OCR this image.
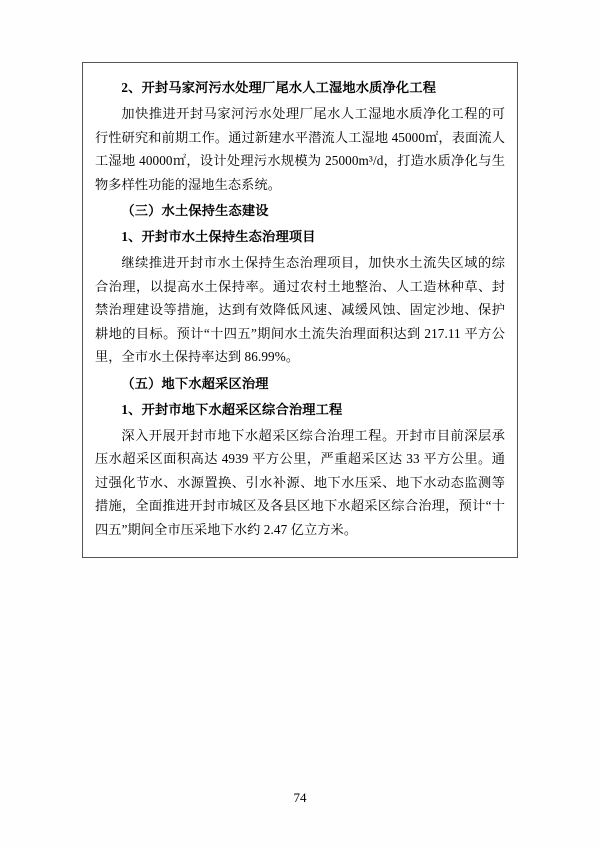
2、开封马家河污水处理厂尾水人工湿地水质净化工程

加快推进开封马家河污水处理厂尾水人工湿地水质净化工程的可行性研究和前期工作。通过新建水平潜流人工湿地 45000㎡，表面流人工湿地 40000㎡，设计处理污水规模为 25000m³/d，打造水质净化与生物多样性功能的湿地生态系统。

（三）水土保持生态建设
1、开封市水土保持生态治理项目

继续推进开封市水土保持生态治理项目，加快水土流失区域的综合治理，以提高水土保持率。通过农村土地整治、人工造林种草、封禁治理建设等措施，达到有效降低风速、减缓风蚀、固定沙地、保护耕地的目标。预计“十四五”期间水土流失治理面积达到 217.11 平方公里，全市水土保持率达到 86.99%。

（五）地下水超采区治理
1、开封市地下水超采区综合治理工程

深入开展开封市地下水超采区综合治理工程。开封市目前深层承压水超采区面积高达 4939 平方公里，严重超采区达 33 平方公里。通过强化节水、水源置换、引水补源、地下水压采、地下水动态监测等措施，全面推进开封市城区及各县区地下水超采区综合治理，预计“十四五”期间全市压采地下水约 2.47 亿立方米。

74
